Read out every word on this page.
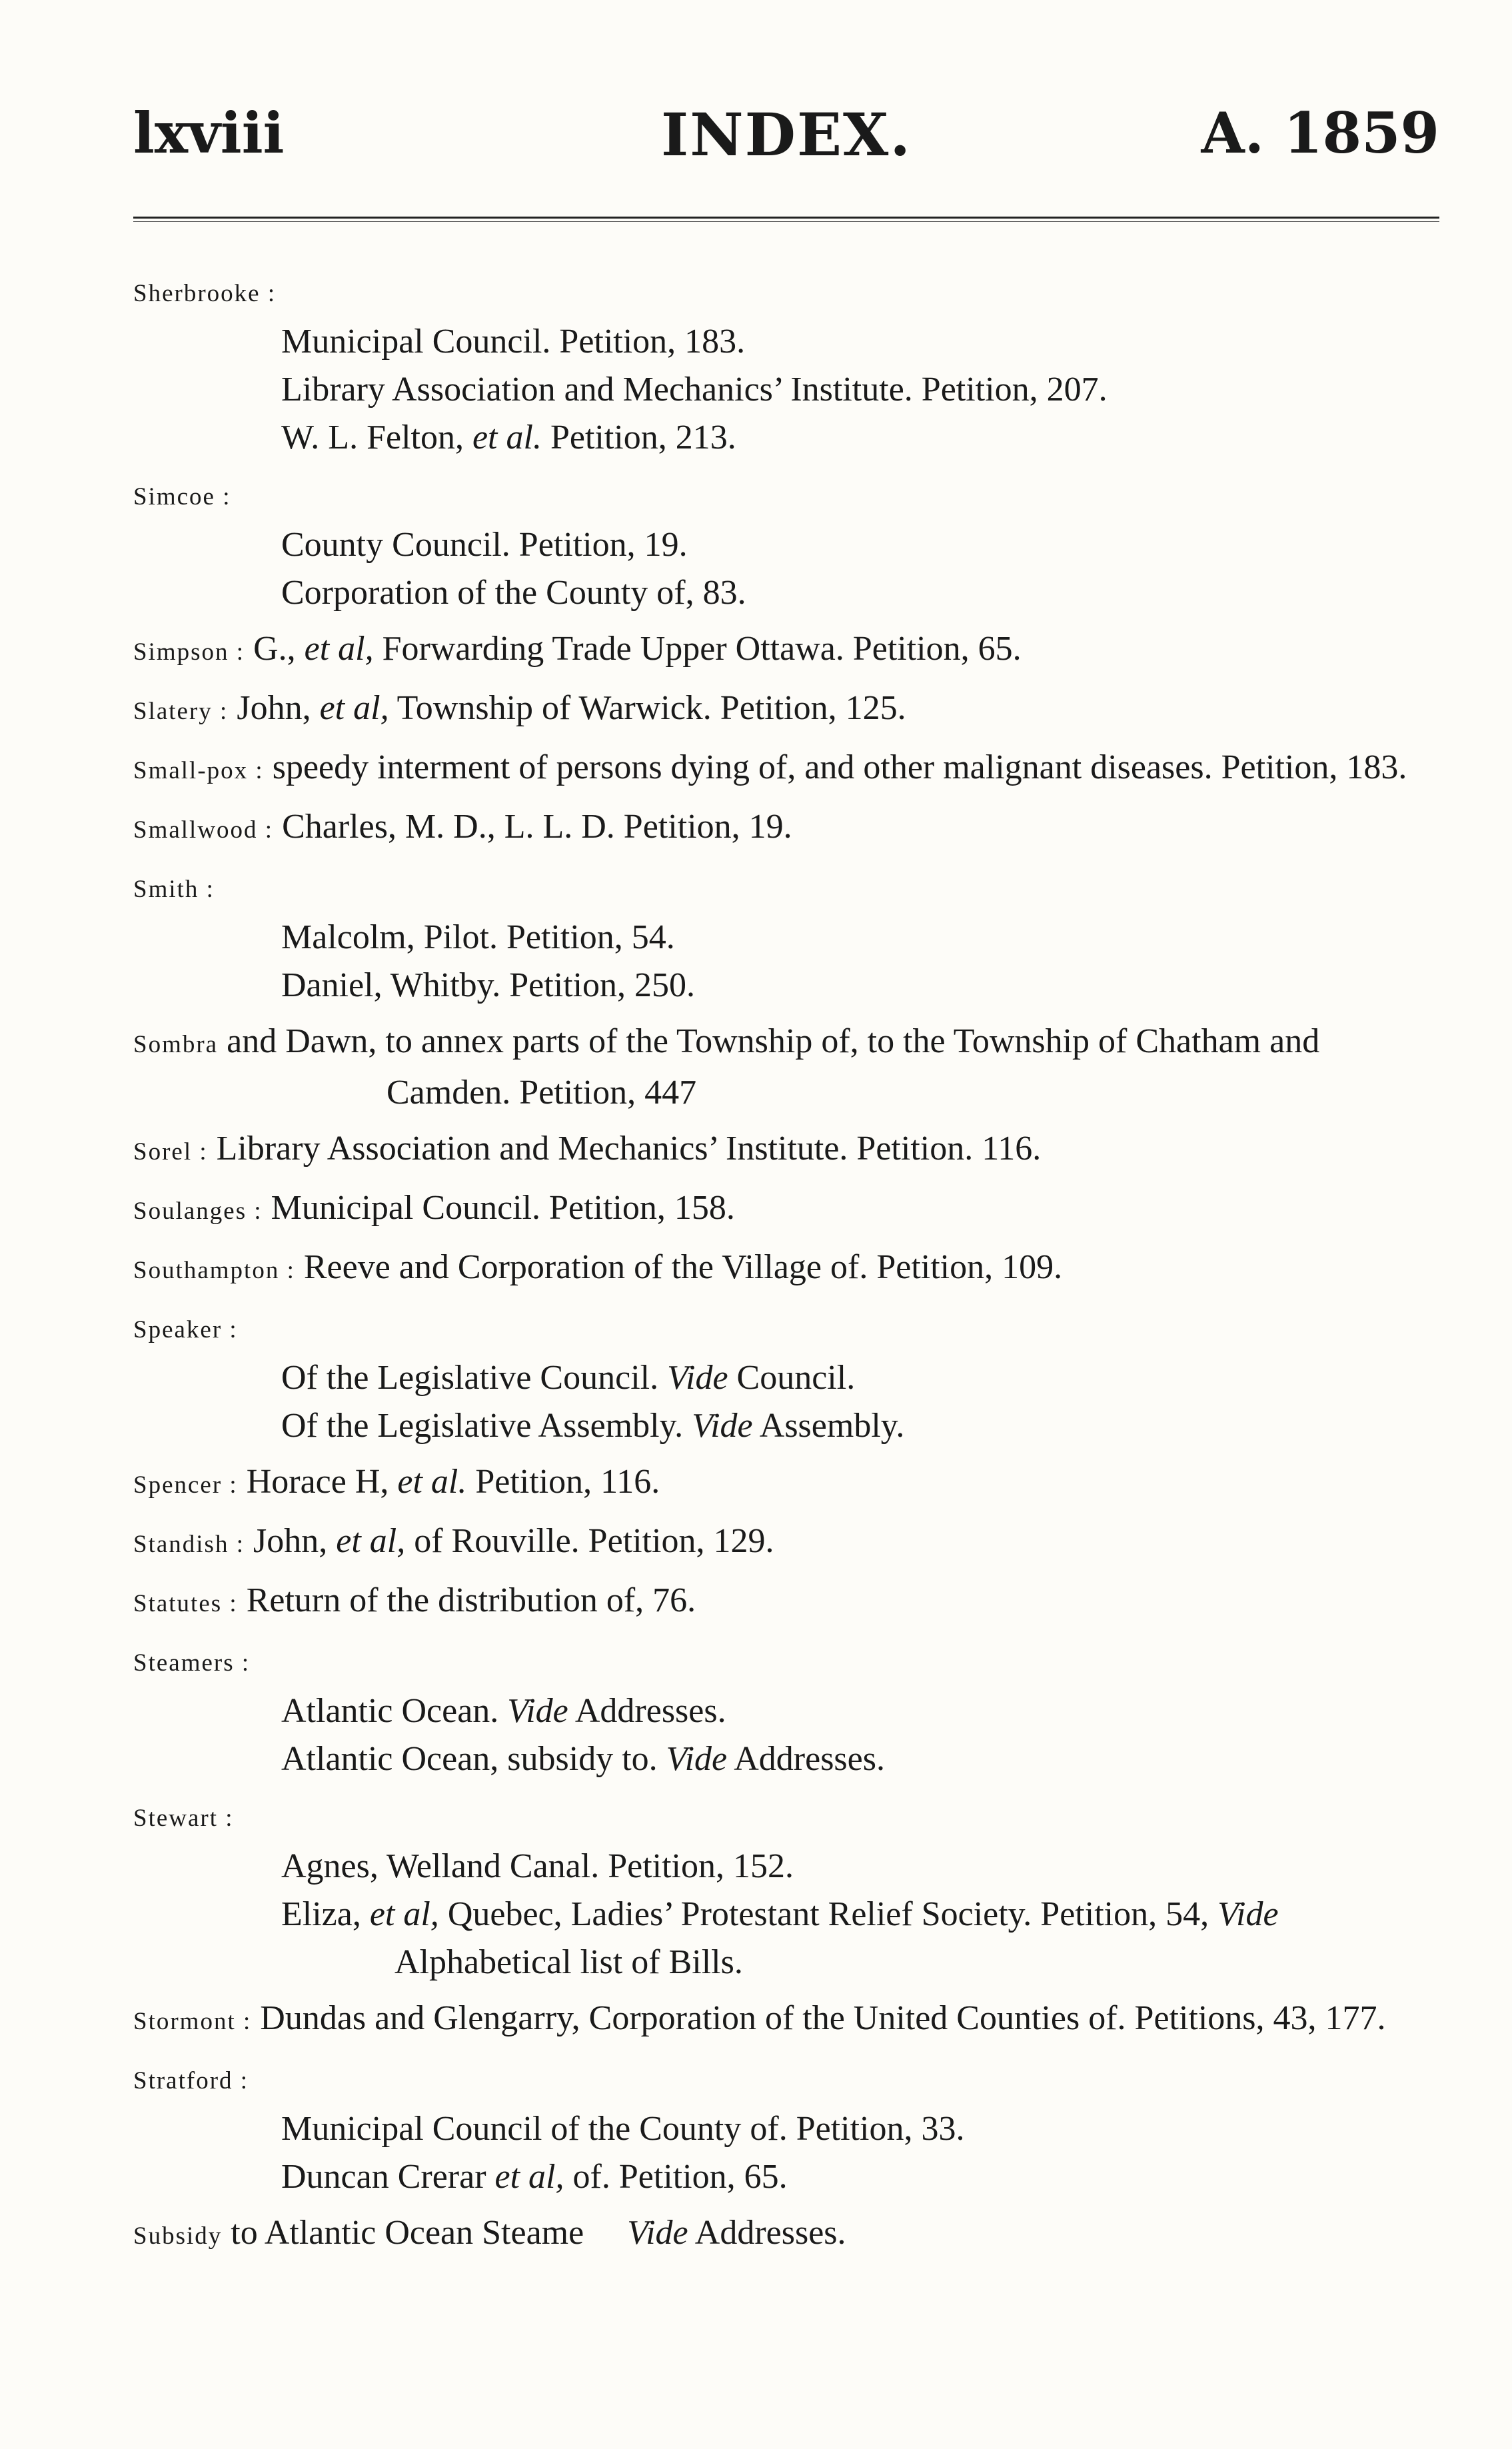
lxviii	INDEX.	A. 1859
Sherbrooke :
Municipal Council. Petition, 183.
Library Association and Mechanics’ Institute. Petition, 207.
W. L. Felton, et al. Petition, 213.
Simcoe :
County Council. Petition, 19.
Corporation of the County of, 83.
Simpson : G., et al, Forwarding Trade Upper Ottawa. Petition, 65.
Slatery : John, et al, Township of Warwick. Petition, 125.
Small-pox : speedy interment of persons dying of, and other malignant diseases. Petition, 183.
Smallwood : Charles, M. D., L. L. D. Petition, 19.
Smith :
Malcolm, Pilot. Petition, 54.
Daniel, Whitby. Petition, 250.
Sombra and Dawn, to annex parts of the Township of, to the Township of Chatham and Camden. Petition, 447
Sorel : Library Association and Mechanics’ Institute. Petition. 116.
Soulanges : Municipal Council. Petition, 158.
Southampton : Reeve and Corporation of the Village of. Petition, 109.
Speaker :
Of the Legislative Council. Vide Council.
Of the Legislative Assembly. Vide Assembly.
Spencer : Horace H, et al. Petition, 116.
Standish : John, et al, of Rouville. Petition, 129.
Statutes : Return of the distribution of, 76.
Steamers :
Atlantic Ocean. Vide Addresses.
Atlantic Ocean, subsidy to. Vide Addresses.
Stewart :
Agnes, Welland Canal. Petition, 152.
Eliza, et al, Quebec, Ladies’ Protestant Relief Society. Petition, 54, Vide Alphabetical list of Bills.
Stormont : Dundas and Glengarry, Corporation of the United Counties of. Petitions, 43, 177.
Stratford :
Municipal Council of the County of. Petition, 33.
Duncan Crerar et al, of. Petition, 65.
Subsidy to Atlantic Ocean Steame Vide Addresses.
